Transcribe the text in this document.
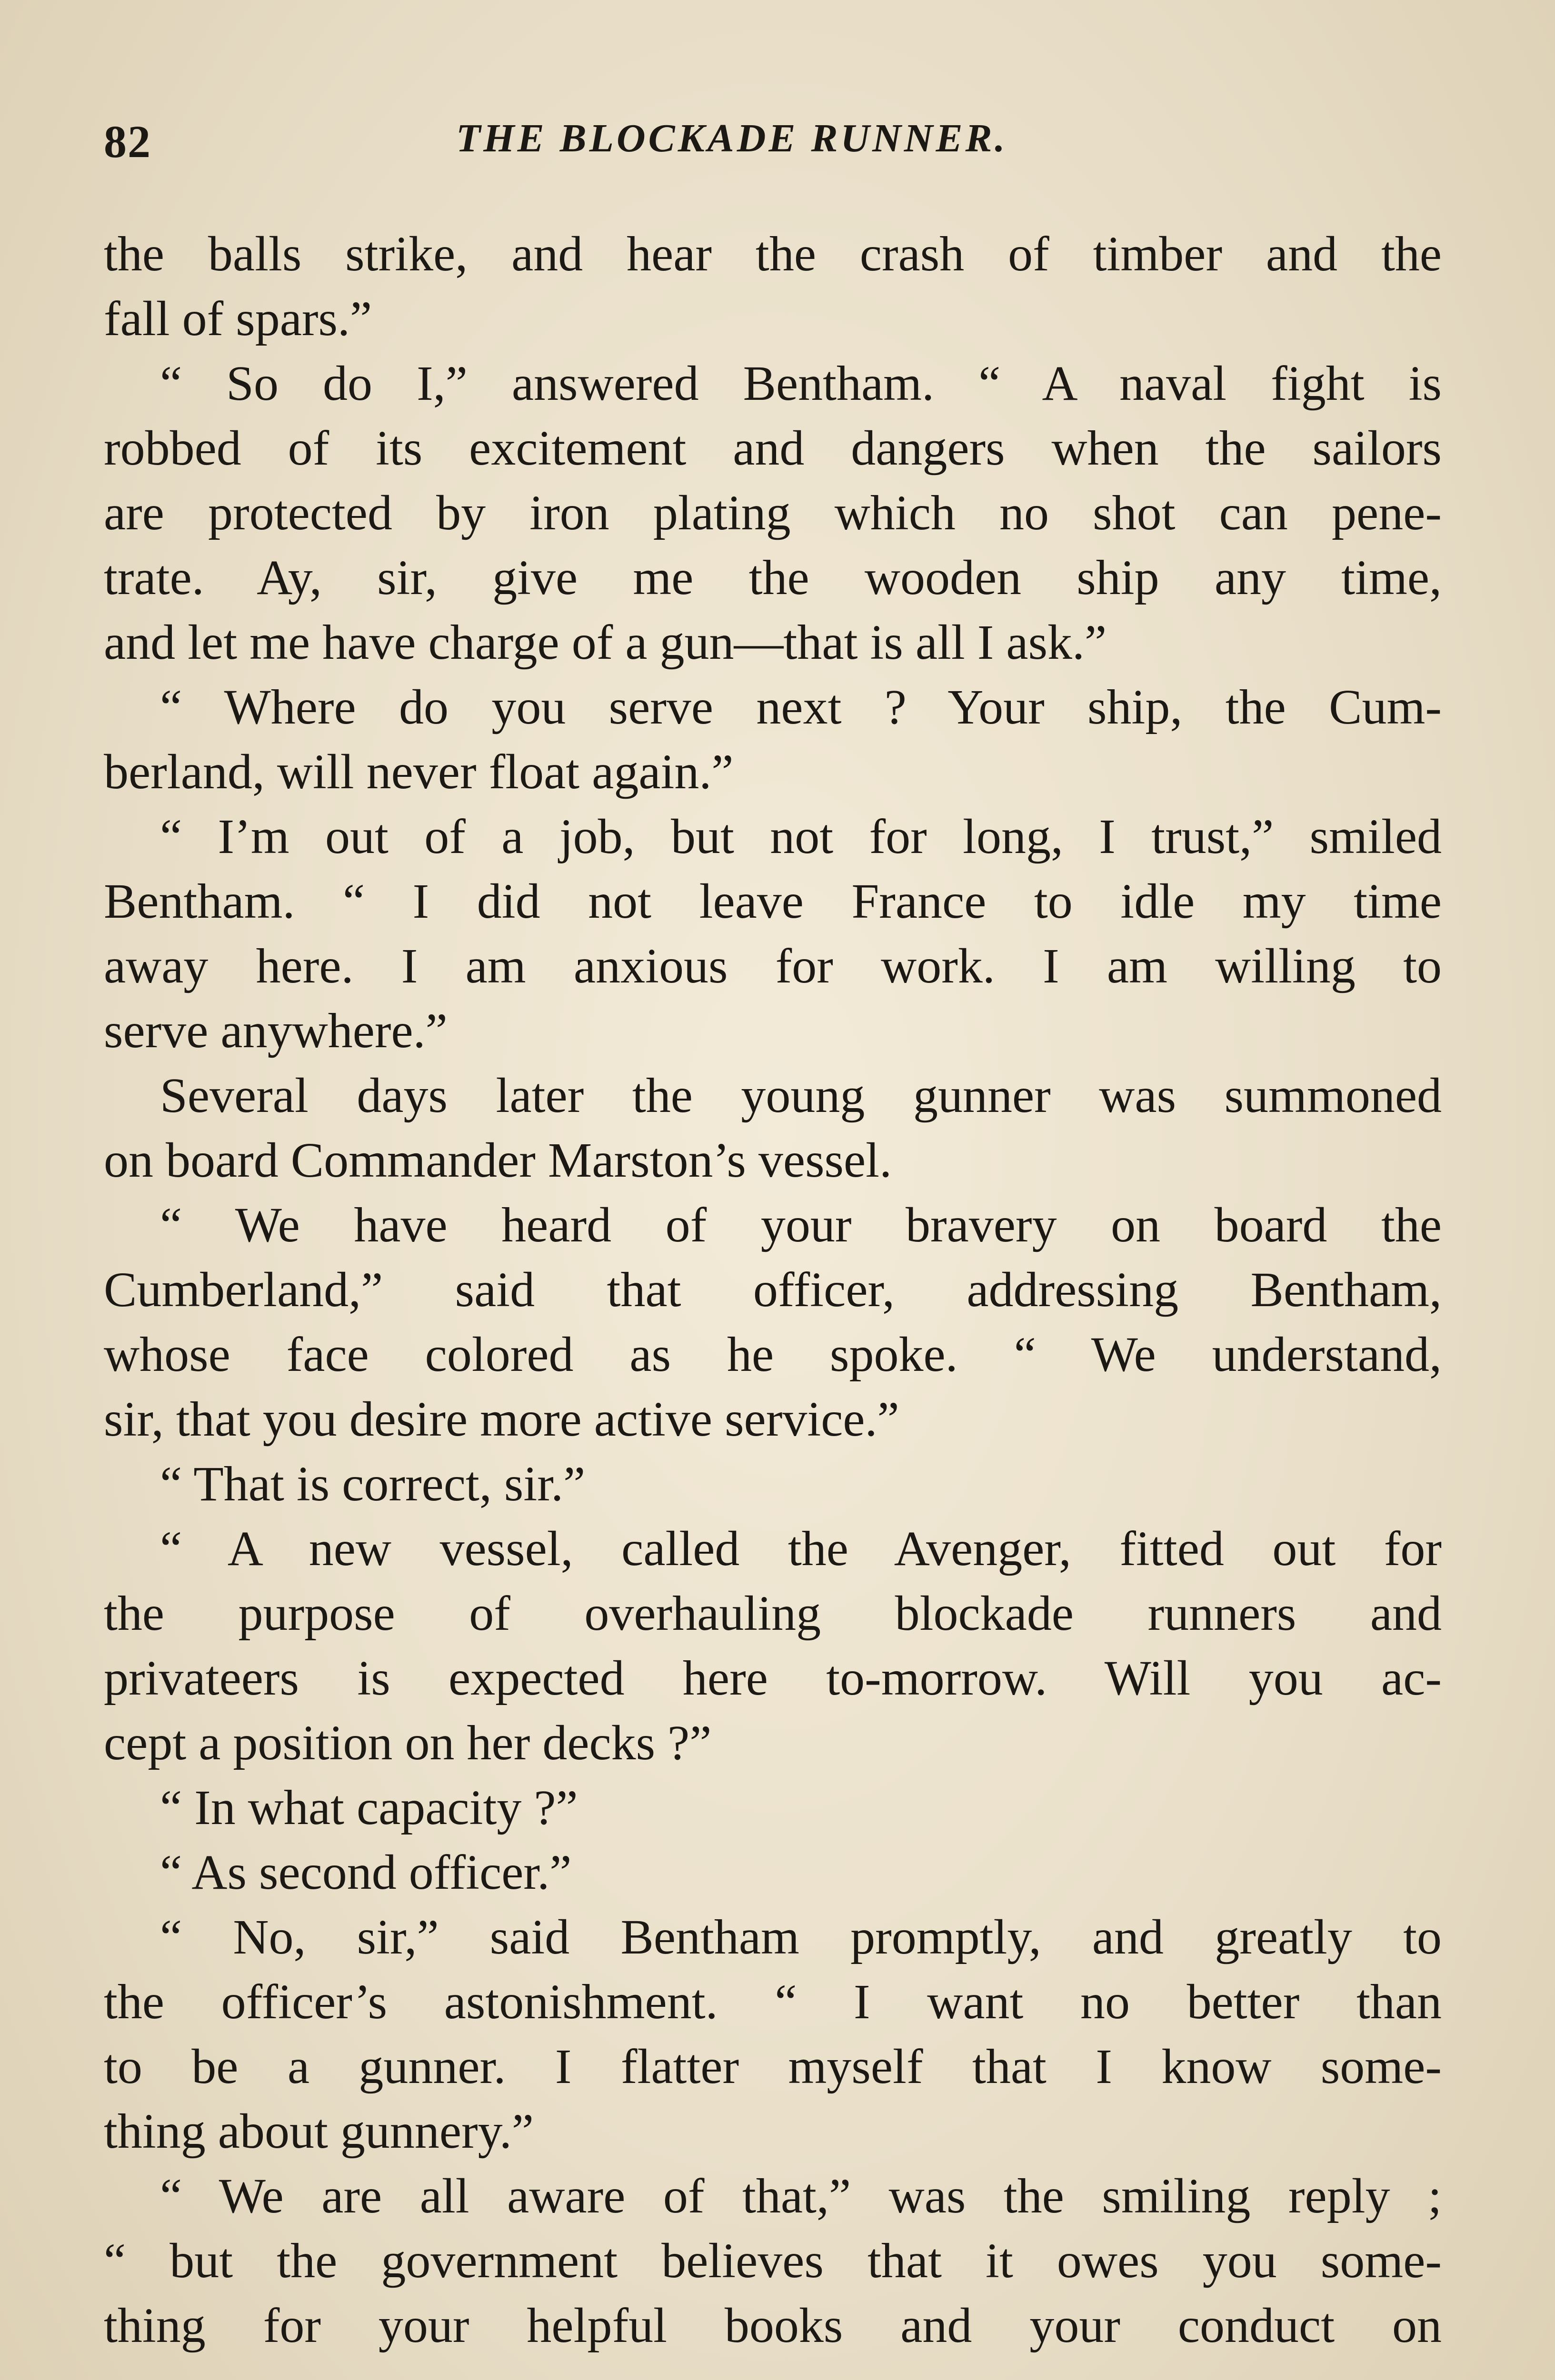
82	THE BLOCKADE RUNNER.
the balls strike, and hear the crash of timber and the
fall of spars.”
“ So do I,” answered Bentham. “ A naval fight is
robbed of its excitement and dangers when the sailors
are protected by iron plating which no shot can pene-
trate. Ay, sir, give me the wooden ship any time,
and let me have charge of a gun—that is all I ask.”
“ Where do you serve next ? Your ship, the Cum-
berland, will never float again.”
“ I’m out of a job, but not for long, I trust,” smiled
Bentham. “ I did not leave France to idle my time
away here. I am anxious for work. I am willing to
serve anywhere.”
Several days later the young gunner was summoned
on board Commander Marston’s vessel.
“ We have heard of your bravery on board the
Cumberland,” said that officer, addressing Bentham,
whose face colored as he spoke. “ We understand,
sir, that you desire more active service.”
“ That is correct, sir.”
“ A new vessel, called the Avenger, fitted out for
the purpose of overhauling blockade runners and
privateers is expected here to-morrow. Will you ac-
cept a position on her decks ?”
“ In what capacity ?”
“ As second officer.”
“ No, sir,” said Bentham promptly, and greatly to
the officer’s astonishment. “ I want no better than
to be a gunner. I flatter myself that I know some-
thing about gunnery.”
“ We are all aware of that,” was the smiling reply ;
“ but the government believes that it owes you some-
thing for your helpful books and your conduct on
